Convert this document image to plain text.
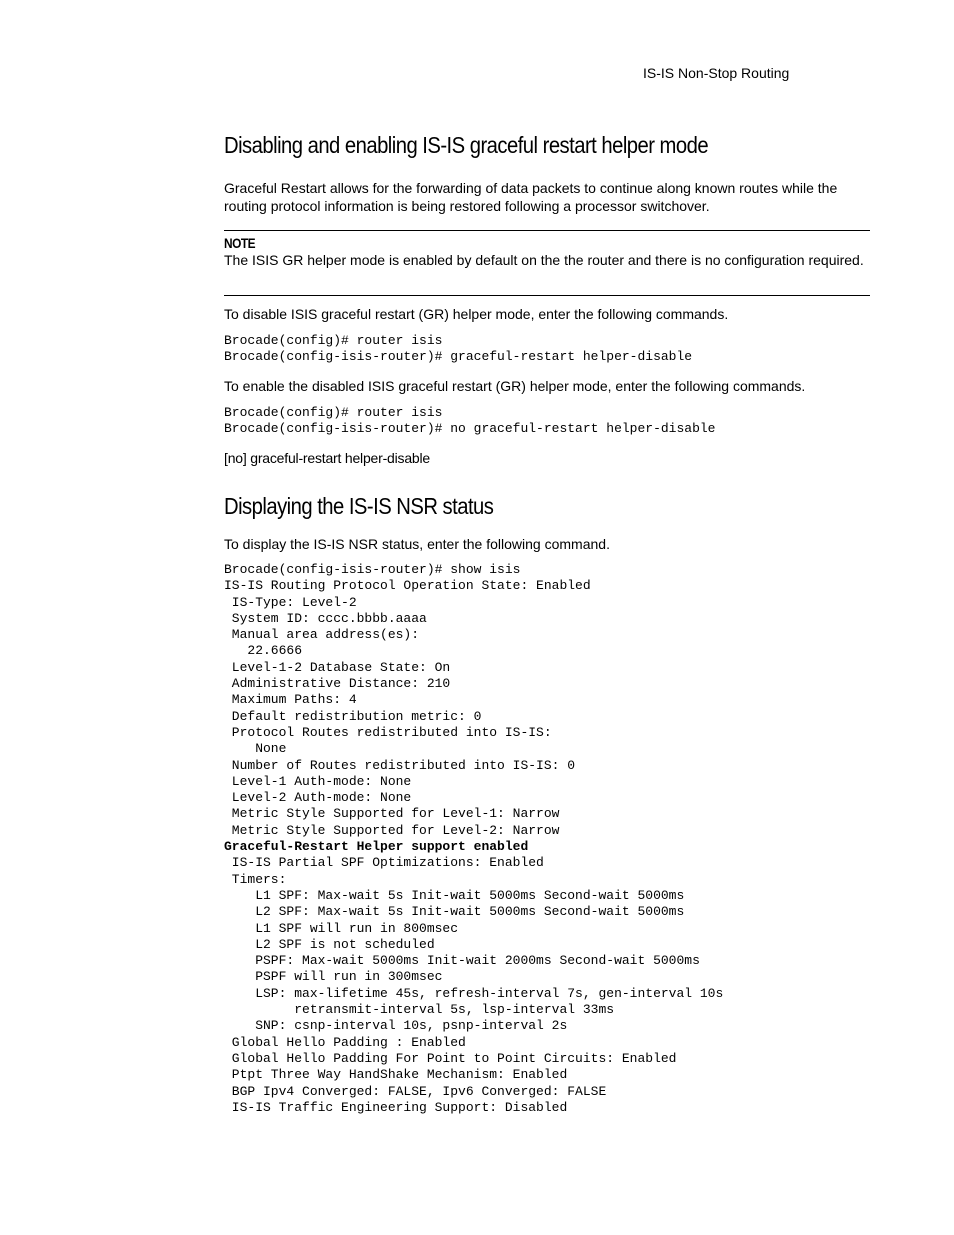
IS-IS Non-Stop Routing
Disabling and enabling IS-IS graceful restart helper mode

Graceful Restart allows for the forwarding of data packets to continue along known routes while the routing protocol information is being restored following a processor switchover.

NOTE

The ISIS GR helper mode is enabled by default on the the router and there is no configuration required.

To disable ISIS graceful restart (GR) helper mode, enter the following commands.

Brocade(config)# router isis
Brocade(config-isis-router)# graceful-restart helper-disable

To enable the disabled ISIS graceful restart (GR) helper mode, enter the following commands.

Brocade(config)# router isis
Brocade(config-isis-router)# no graceful-restart helper-disable
[no] graceful-restart helper-disable
Displaying the IS-IS NSR status

To display the IS-IS NSR status, enter the following command.

Brocade(config-isis-router)# show isis
IS-IS Routing Protocol Operation State: Enabled
IS-Type: Level-2
System ID: cccc.bbbb.aaaa
Manual area address(es):
22.6666
Level-1-2 Database State: On
Administrative Distance: 210
Maximum Paths: 4
Default redistribution metric: 0
Protocol Routes redistributed into IS-IS:
None
Number of Routes redistributed into IS-IS: 0
Level-1 Auth-mode: None
Level-2 Auth-mode: None
Metric Style Supported for Level-1: Narrow
Metric Style Supported for Level-2: Narrow
Graceful-Restart Helper support enabled
IS-IS Partial SPF Optimizations: Enabled
Timers:
L1 SPF: Max-wait 5s Init-wait 5000ms Second-wait 5000ms
L2 SPF: Max-wait 5s Init-wait 5000ms Second-wait 5000ms
L1 SPF will run in 800msec
L2 SPF is not scheduled
PSPF: Max-wait 5000ms Init-wait 2000ms Second-wait 5000ms
PSPF will run in 300msec
LSP: max-lifetime 45s, refresh-interval 7s, gen-interval 10s
retransmit-interval 5s, lsp-interval 33ms
SNP: csnp-interval 10s, psnp-interval 2s
Global Hello Padding : Enabled
Global Hello Padding For Point to Point Circuits: Enabled
Ptpt Three Way HandShake Mechanism: Enabled
BGP Ipv4 Converged: FALSE, Ipv6 Converged: FALSE
IS-IS Traffic Engineering Support: Disabled
